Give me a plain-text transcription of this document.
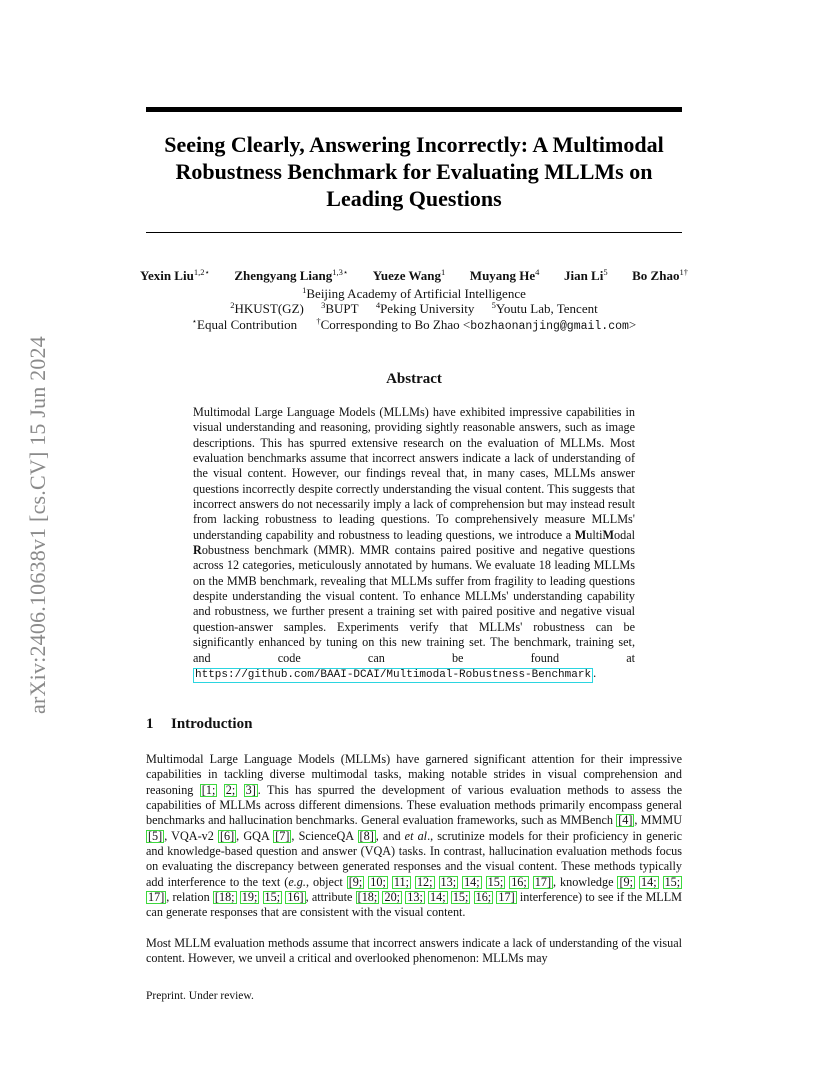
arXiv:2406.10638v1 [cs.CV] 15 Jun 2024
Seeing Clearly, Answering Incorrectly: A Multimodal
Robustness Benchmark for Evaluating MLLMs on
Leading Questions
Yexin Liu$^{1,2⋆}$ Zhengyang Liang$^{1,3⋆}$ Yueze Wang$^1$ Muyang He$^4$ Jian Li$^5$ Bo Zhao$^{1\dagger}$
$^1$Beijing Academy of Artificial Intelligence
$^2$HKUST(GZ) $^3$BUPT $^4$Peking University $^5$Youtu Lab, Tencent
⋆Equal Contribution †Corresponding to Bo Zhao <bozhaonanjing@gmail.com>
Abstract
Multimodal Large Language Models (MLLMs) have exhibited impressive capabilities in visual understanding and reasoning, providing sightly reasonable answers, such as image descriptions. This has spurred extensive research on the evaluation of MLLMs. Most evaluation benchmarks assume that incorrect answers indicate a lack of understanding of the visual content. However, our findings reveal that, in many cases, MLLMs answer questions incorrectly despite correctly understanding the visual content. This suggests that incorrect answers do not necessarily imply a lack of comprehension but may instead result from lacking robustness to leading questions. To comprehensively measure MLLMs' understanding capability and robustness to leading questions, we introduce a MultiModal Robustness benchmark (MMR). MMR contains paired positive and negative questions across 12 categories, meticulously annotated by humans. We evaluate 18 leading MLLMs on the MMB benchmark, revealing that MLLMs suffer from fragility to leading questions despite understanding the visual content. To enhance MLLMs' understanding capability and robustness, we further present a training set with paired positive and negative visual question-answer samples. Experiments verify that MLLMs' robustness can be significantly enhanced by tuning on this new training set. The benchmark, training set, and code can be found at https://github.com/BAAI-DCAI/Multimodal-Robustness-Benchmark .
1 Introduction
Multimodal Large Language Models (MLLMs) have garnered significant attention for their impressive capabilities in tackling diverse multimodal tasks, making notable strides in visual comprehension and reasoning [1; 2; 3] . This has spurred the development of various evaluation methods to assess the capabilities of MLLMs across different dimensions. These evaluation methods primarily encompass general benchmarks and hallucination benchmarks. General evaluation frameworks, such as MMBench [4] , MMMU [5] , VQA-v2 [6] , GQA [7] , ScienceQA [8] , and et al., scrutinize models for their proficiency in generic and knowledge-based question and answer (VQA) tasks. In contrast, hallucination evaluation methods focus on evaluating the discrepancy between generated responses and the visual content. These methods typically add interference to the text (e.g., object [9; 10; 11; 12; 13; 14; 15; 16; 17] , knowledge [9; 14; 15; 17] , relation [18; 19; 15; 16] , attribute [18; 20; 13; 14; 15; 16; 17] interference) to see if the MLLM can generate responses that are consistent with the visual content.
Most MLLM evaluation methods assume that incorrect answers indicate a lack of understanding of the visual content. However, we unveil a critical and overlooked phenomenon: MLLMs may
Preprint. Under review.
